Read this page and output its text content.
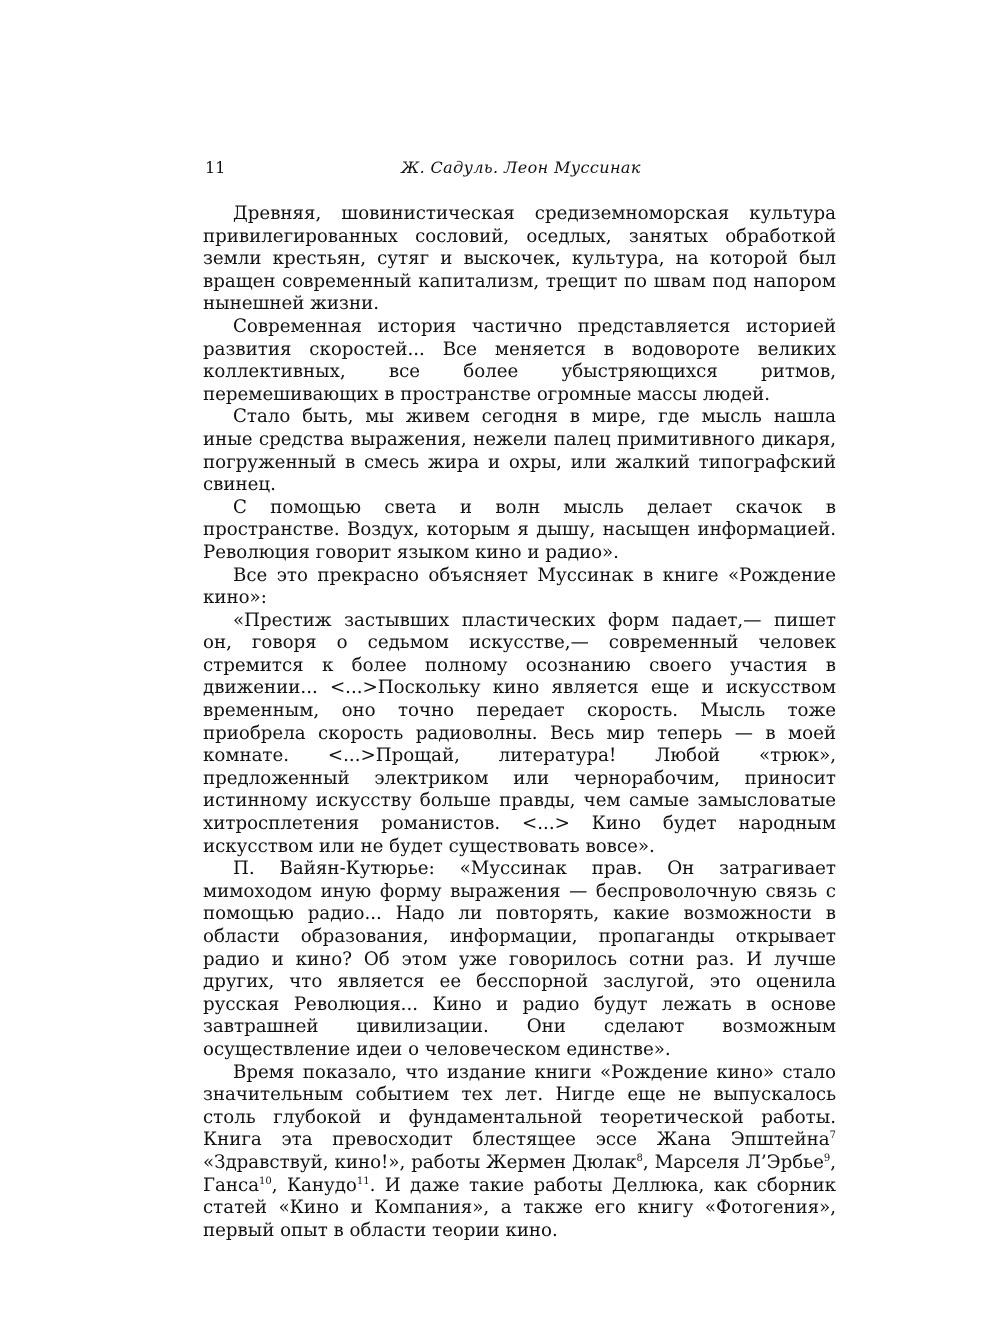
11	Ж. Садуль. Леон Муссинак

Древняя, шовинистическая средиземноморская культура привилегированных сословий, оседлых, занятых обработкой земли крестьян, сутяг и выскочек, культура, на которой был вращен современный капитализм, трещит по швам под напором нынешней жизни.

Современная история частично представляется историей развития скоростей... Все меняется в водовороте великих коллективных, все более убыстряющихся ритмов, перемешивающих в пространстве огромные массы людей.

Стало быть, мы живем сегодня в мире, где мысль нашла иные средства выражения, нежели палец примитивного дикаря, погруженный в смесь жира и охры, или жалкий типографский свинец.

С помощью света и волн мысль делает скачок в пространстве. Воздух, которым я дышу, насыщен информацией. Революция говорит языком кино и радио».

Все это прекрасно объясняет Муссинак в книге «Рождение кино»:

«Престиж застывших пластических форм падает,— пишет он, говоря о седьмом искусстве,— современный человек стремится к более полному осознанию своего участия в движении... <...>Поскольку кино является еще и искусством временным, оно точно передает скорость. Мысль тоже приобрела скорость радиоволны. Весь мир теперь — в моей комнате. <...>Прощай, литература! Любой «трюк», предложенный электриком или чернорабочим, приносит истинному искусству больше правды, чем самые замысловатые хитросплетения романистов. <...> Кино будет народным искусством или не будет существовать вовсе».

П. Вайян-Кутюрье: «Муссинак прав. Он затрагивает мимоходом иную форму выражения — беспроволочную связь с помощью радио... Надо ли повторять, какие возможности в области образования, информации, пропаганды открывает радио и кино? Об этом уже говорилось сотни раз. И лучше других, что является ее бесспорной заслугой, это оценила русская Революция... Кино и радио будут лежать в основе завтрашней цивилизации. Они сделают возможным осуществление идеи о человеческом единстве».

Время показало, что издание книги «Рождение кино» стало значительным событием тех лет. Нигде еще не выпускалось столь глубокой и фундаментальной теоретической работы. Книга эта превосходит блестящее эссе Жана Эпштейна$^7$ «Здравствуй, кино!», работы Жермен Дюлак$^8$, Марселя Л’Эрбье$^9$, Ганса$^{10}$, Канудо$^{11}$. И даже такие работы Деллюка, как сборник статей «Кино и Компания», а также его книгу «Фотогения», первый опыт в области теории кино.
